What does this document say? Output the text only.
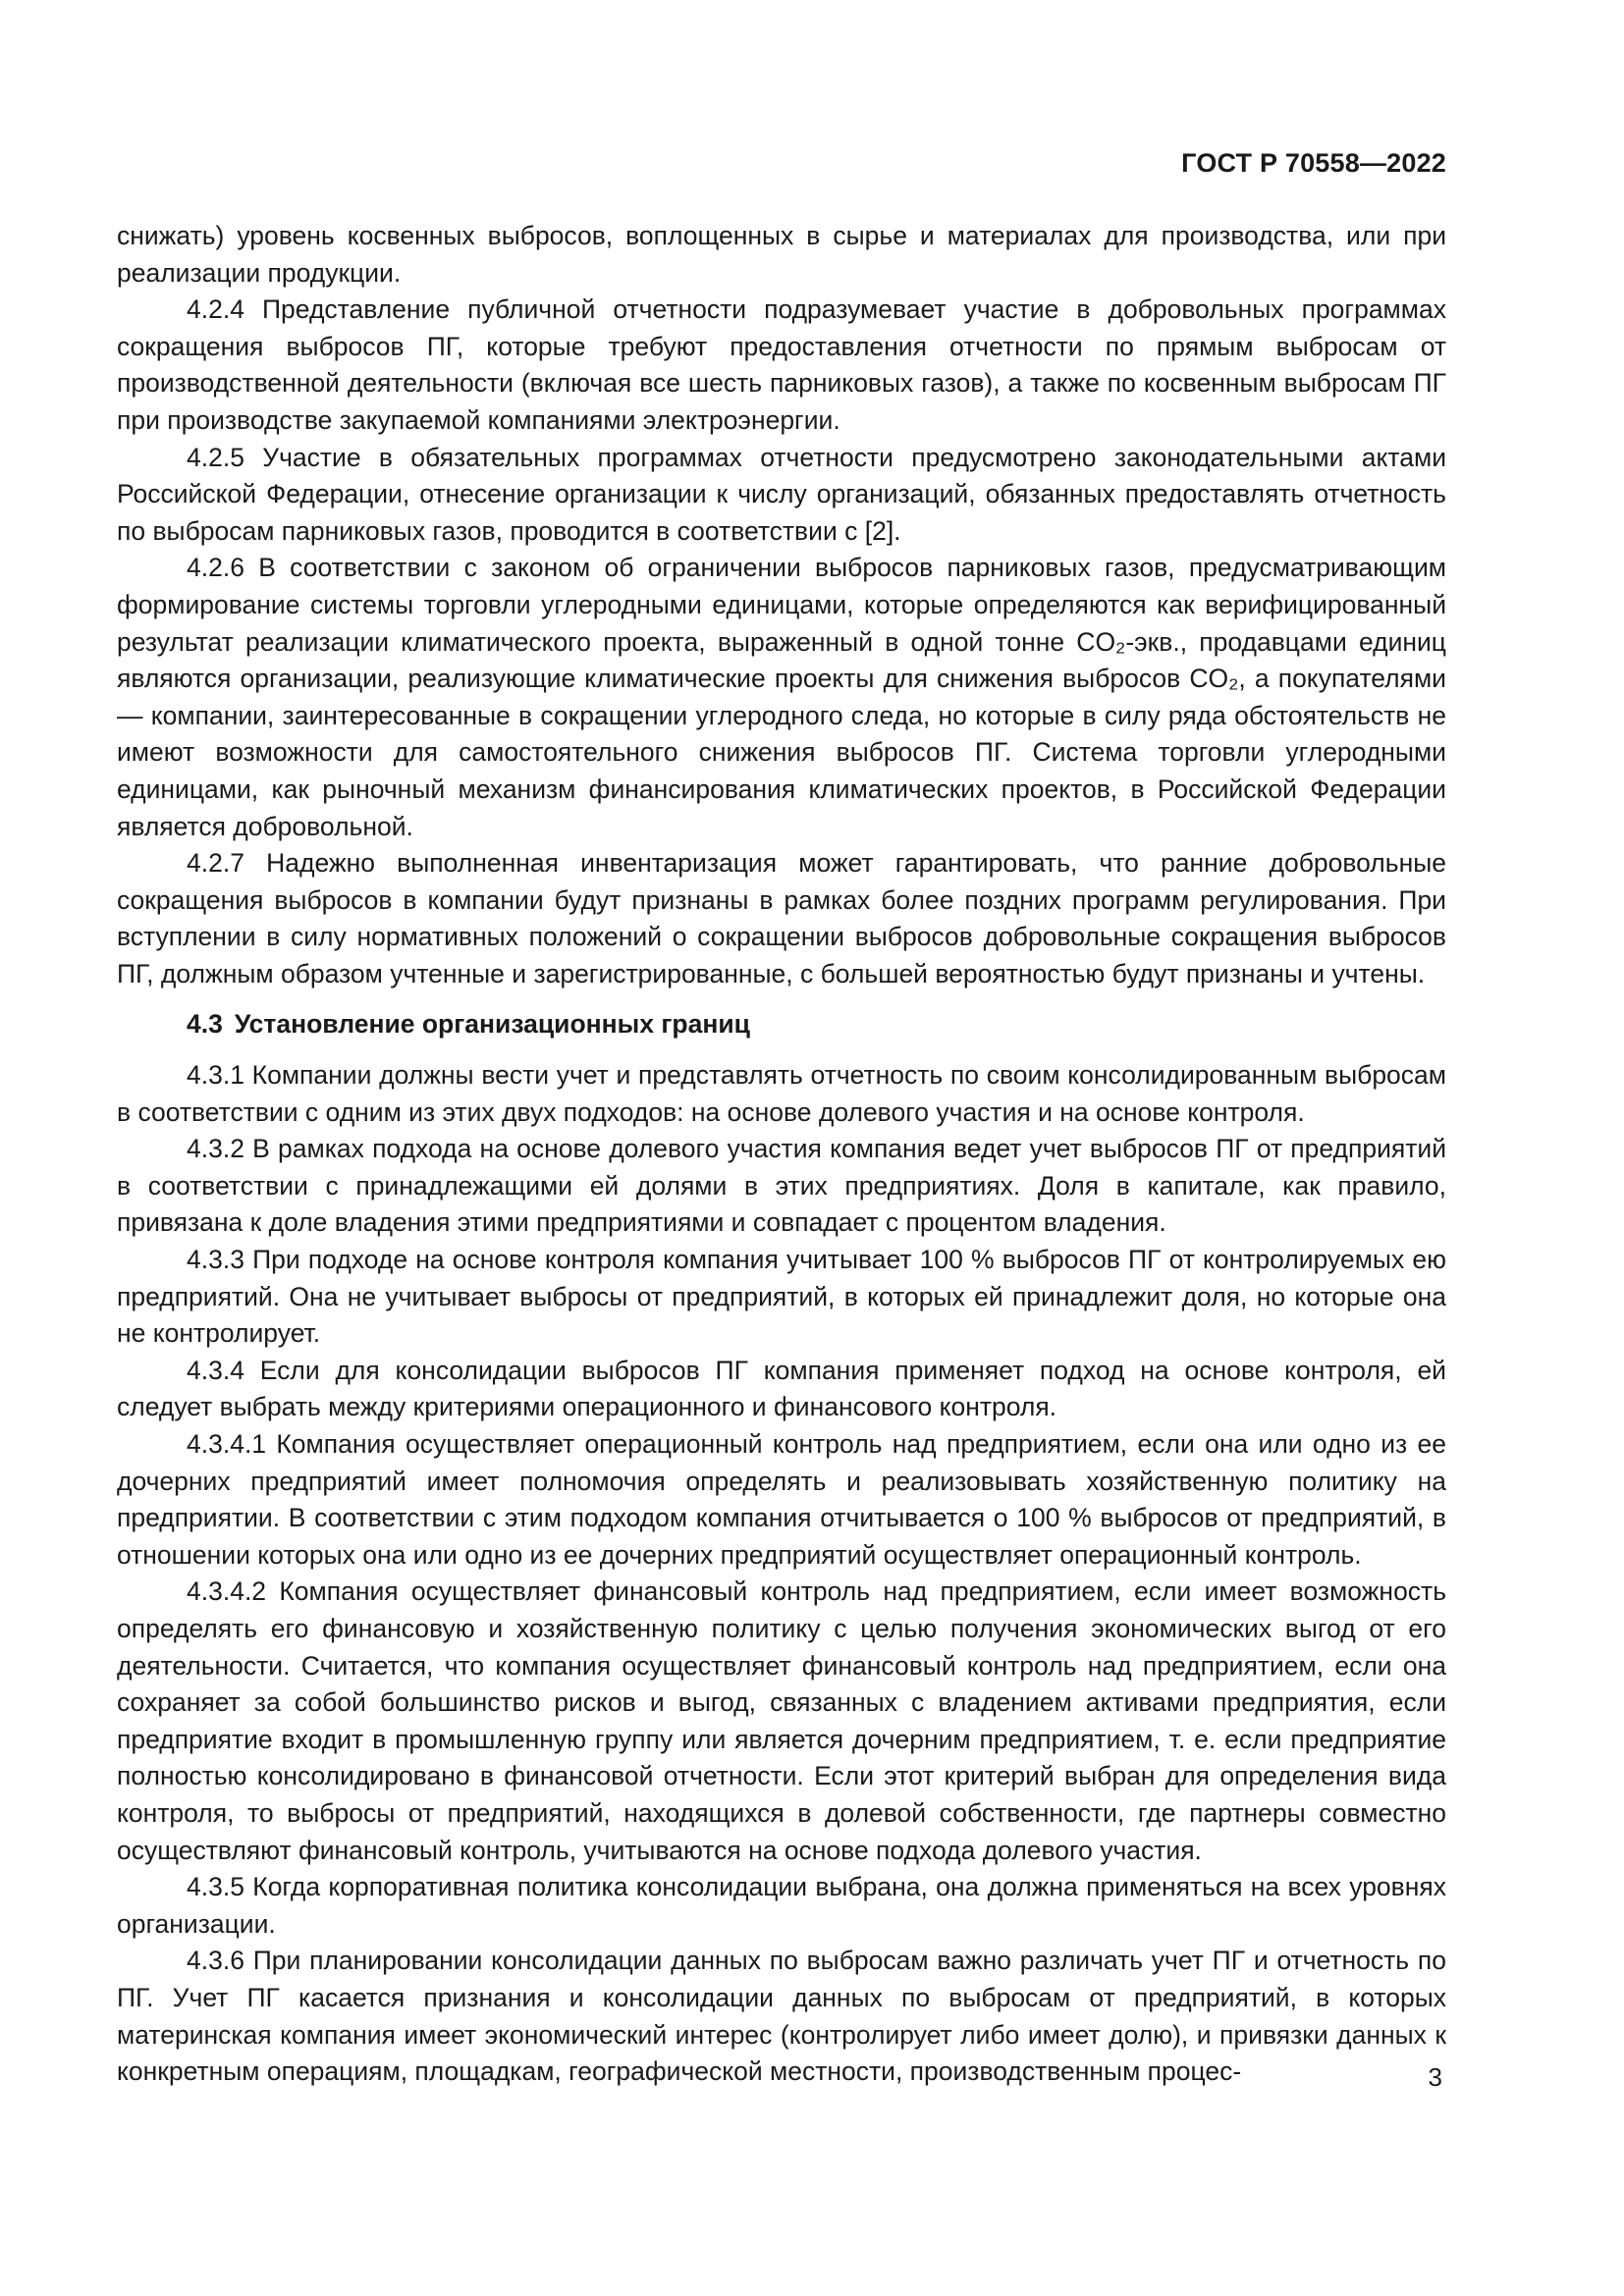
ГОСТ Р 70558—2022

снижать) уровень косвенных выбросов, воплощенных в сырье и материалах для производства, или при реализации продукции.

4.2.4 Представление публичной отчетности подразумевает участие в добровольных программах сокращения выбросов ПГ, которые требуют предоставления отчетности по прямым выбросам от производственной деятельности (включая все шесть парниковых газов), а также по косвенным выбросам ПГ при производстве закупаемой компаниями электроэнергии.

4.2.5 Участие в обязательных программах отчетности предусмотрено законодательными актами Российской Федерации, отнесение организации к числу организаций, обязанных предоставлять отчетность по выбросам парниковых газов, проводится в соответствии с [2].

4.2.6 В соответствии с законом об ограничении выбросов парниковых газов, предусматривающим формирование системы торговли углеродными единицами, которые определяются как верифицированный результат реализации климатического проекта, выраженный в одной тонне CO₂-экв., продавцами единиц являются организации, реализующие климатические проекты для снижения выбросов CO₂, а покупателями — компании, заинтересованные в сокращении углеродного следа, но которые в силу ряда обстоятельств не имеют возможности для самостоятельного снижения выбросов ПГ. Система торговли углеродными единицами, как рыночный механизм финансирования климатических проектов, в Российской Федерации является добровольной.

4.2.7 Надежно выполненная инвентаризация может гарантировать, что ранние добровольные сокращения выбросов в компании будут признаны в рамках более поздних программ регулирования. При вступлении в силу нормативных положений о сокращении выбросов добровольные сокращения выбросов ПГ, должным образом учтенные и зарегистрированные, с большей вероятностью будут признаны и учтены.

4.3 Установление организационных границ

4.3.1 Компании должны вести учет и представлять отчетность по своим консолидированным выбросам в соответствии с одним из этих двух подходов: на основе долевого участия и на основе контроля.

4.3.2 В рамках подхода на основе долевого участия компания ведет учет выбросов ПГ от предприятий в соответствии с принадлежащими ей долями в этих предприятиях. Доля в капитале, как правило, привязана к доле владения этими предприятиями и совпадает с процентом владения.

4.3.3 При подходе на основе контроля компания учитывает 100 % выбросов ПГ от контролируемых ею предприятий. Она не учитывает выбросы от предприятий, в которых ей принадлежит доля, но которые она не контролирует.

4.3.4 Если для консолидации выбросов ПГ компания применяет подход на основе контроля, ей следует выбрать между критериями операционного и финансового контроля.

4.3.4.1 Компания осуществляет операционный контроль над предприятием, если она или одно из ее дочерних предприятий имеет полномочия определять и реализовывать хозяйственную политику на предприятии. В соответствии с этим подходом компания отчитывается о 100 % выбросов от предприятий, в отношении которых она или одно из ее дочерних предприятий осуществляет операционный контроль.

4.3.4.2 Компания осуществляет финансовый контроль над предприятием, если имеет возможность определять его финансовую и хозяйственную политику с целью получения экономических выгод от его деятельности. Считается, что компания осуществляет финансовый контроль над предприятием, если она сохраняет за собой большинство рисков и выгод, связанных с владением активами предприятия, если предприятие входит в промышленную группу или является дочерним предприятием, т. е. если предприятие полностью консолидировано в финансовой отчетности. Если этот критерий выбран для определения вида контроля, то выбросы от предприятий, находящихся в долевой собственности, где партнеры совместно осуществляют финансовый контроль, учитываются на основе подхода долевого участия.

4.3.5 Когда корпоративная политика консолидации выбрана, она должна применяться на всех уровнях организации.

4.3.6 При планировании консолидации данных по выбросам важно различать учет ПГ и отчетность по ПГ. Учет ПГ касается признания и консолидации данных по выбросам от предприятий, в которых материнская компания имеет экономический интерес (контролирует либо имеет долю), и привязки данных к конкретным операциям, площадкам, географической местности, производственным процес-	3
